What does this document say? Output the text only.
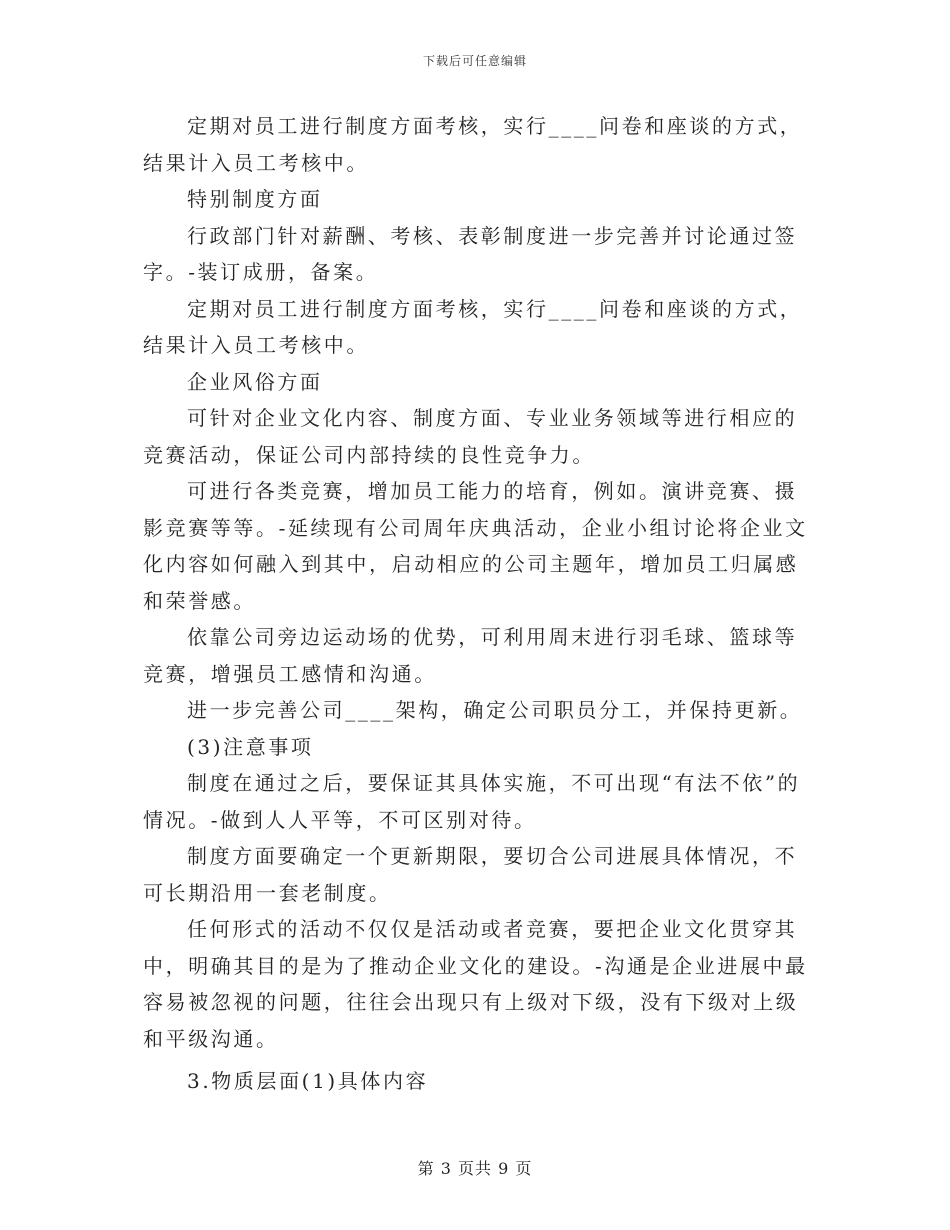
下载后可任意编辑

定期对员工进行制度方面考核，实行____问卷和座谈的方式，结果计入员工考核中。

特别制度方面

行政部门针对薪酬、考核、表彰制度进一步完善并讨论通过签字。-装订成册，备案。

定期对员工进行制度方面考核，实行____问卷和座谈的方式，结果计入员工考核中。

企业风俗方面

可针对企业文化内容、制度方面、专业业务领域等进行相应的竞赛活动，保证公司内部持续的良性竞争力。

可进行各类竞赛，增加员工能力的培育，例如。演讲竞赛、摄影竞赛等等。-延续现有公司周年庆典活动，企业小组讨论将企业文化内容如何融入到其中，启动相应的公司主题年，增加员工归属感和荣誉感。

依靠公司旁边运动场的优势，可利用周末进行羽毛球、篮球等竞赛，增强员工感情和沟通。

进一步完善公司____架构，确定公司职员分工，并保持更新。

(3)注意事项

制度在通过之后，要保证其具体实施，不可出现“有法不依”的情况。-做到人人平等，不可区别对待。

制度方面要确定一个更新期限，要切合公司进展具体情况，不可长期沿用一套老制度。

任何形式的活动不仅仅是活动或者竞赛，要把企业文化贯穿其中，明确其目的是为了推动企业文化的建设。-沟通是企业进展中最容易被忽视的问题，往往会出现只有上级对下级，没有下级对上级和平级沟通。

3.物质层面(1)具体内容

第 3 页共 9 页
